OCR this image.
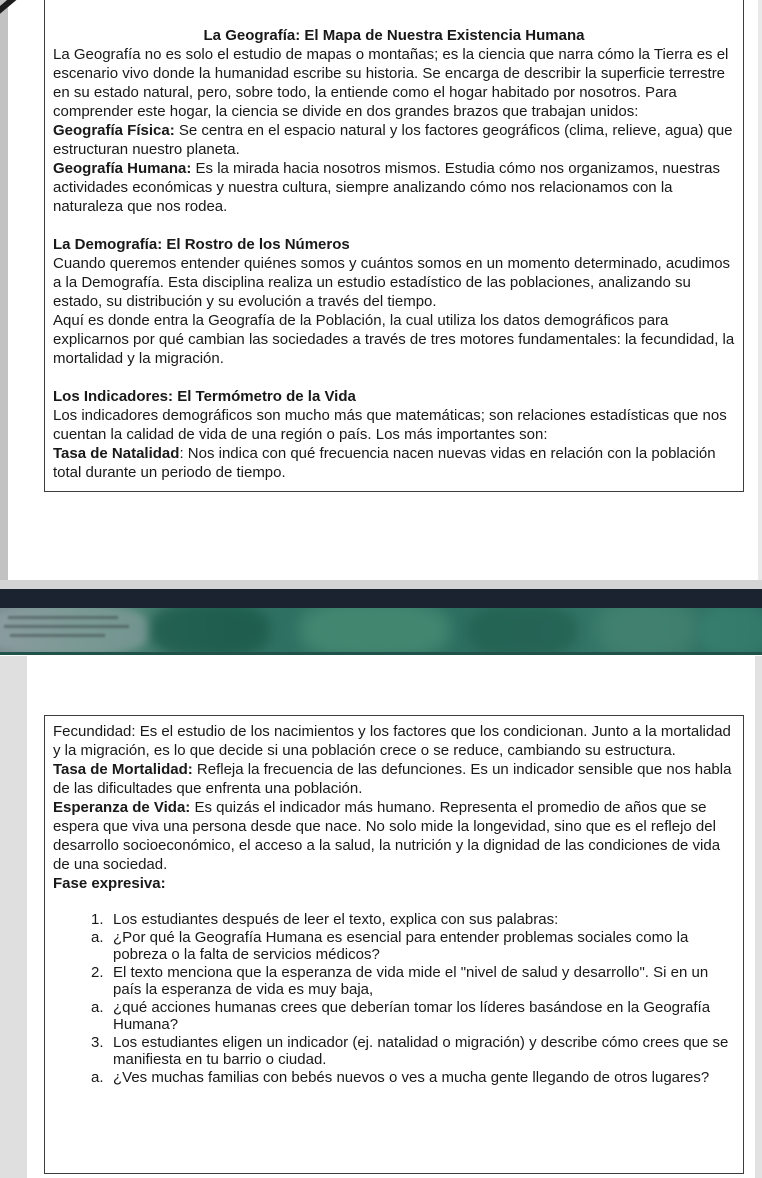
La Geografía: El Mapa de Nuestra Existencia Humana

La Geografía no es solo el estudio de mapas o montañas; es la ciencia que narra cómo la Tierra es el escenario vivo donde la humanidad escribe su historia. Se encarga de describir la superficie terrestre en su estado natural, pero, sobre todo, la entiende como el hogar habitado por nosotros. Para comprender este hogar, la ciencia se divide en dos grandes brazos que trabajan unidos:

Geografía Física: Se centra en el espacio natural y los factores geográficos (clima, relieve, agua) que estructuran nuestro planeta.

Geografía Humana: Es la mirada hacia nosotros mismos. Estudia cómo nos organizamos, nuestras actividades económicas y nuestra cultura, siempre analizando cómo nos relacionamos con la naturaleza que nos rodea.

La Demografía: El Rostro de los Números

Cuando queremos entender quiénes somos y cuántos somos en un momento determinado, acudimos a la Demografía. Esta disciplina realiza un estudio estadístico de las poblaciones, analizando su estado, su distribución y su evolución a través del tiempo.

Aquí es donde entra la Geografía de la Población, la cual utiliza los datos demográficos para explicarnos por qué cambian las sociedades a través de tres motores fundamentales: la fecundidad, la mortalidad y la migración.

Los Indicadores: El Termómetro de la Vida

Los indicadores demográficos son mucho más que matemáticas; son relaciones estadísticas que nos cuentan la calidad de vida de una región o país. Los más importantes son:

Tasa de Natalidad: Nos indica con qué frecuencia nacen nuevas vidas en relación con la población total durante un periodo de tiempo.

Fecundidad: Es el estudio de los nacimientos y los factores que los condicionan. Junto a la mortalidad y la migración, es lo que decide si una población crece o se reduce, cambiando su estructura.

Tasa de Mortalidad: Refleja la frecuencia de las defunciones. Es un indicador sensible que nos habla de las dificultades que enfrenta una población.

Esperanza de Vida: Es quizás el indicador más humano. Representa el promedio de años que se espera que viva una persona desde que nace. No solo mide la longevidad, sino que es el reflejo del desarrollo socioeconómico, el acceso a la salud, la nutrición y la dignidad de las condiciones de vida de una sociedad.

Fase expresiva:

1. Los estudiantes después de leer el texto, explica con sus palabras:
a. ¿Por qué la Geografía Humana es esencial para entender problemas sociales como la pobreza o la falta de servicios médicos?
2. El texto menciona que la esperanza de vida mide el "nivel de salud y desarrollo". Si en un país la esperanza de vida es muy baja,
a. ¿qué acciones humanas crees que deberían tomar los líderes basándose en la Geografía Humana?
3. Los estudiantes eligen un indicador (ej. natalidad o migración) y describe cómo crees que se manifiesta en tu barrio o ciudad.
a. ¿Ves muchas familias con bebés nuevos o ves a mucha gente llegando de otros lugares?
